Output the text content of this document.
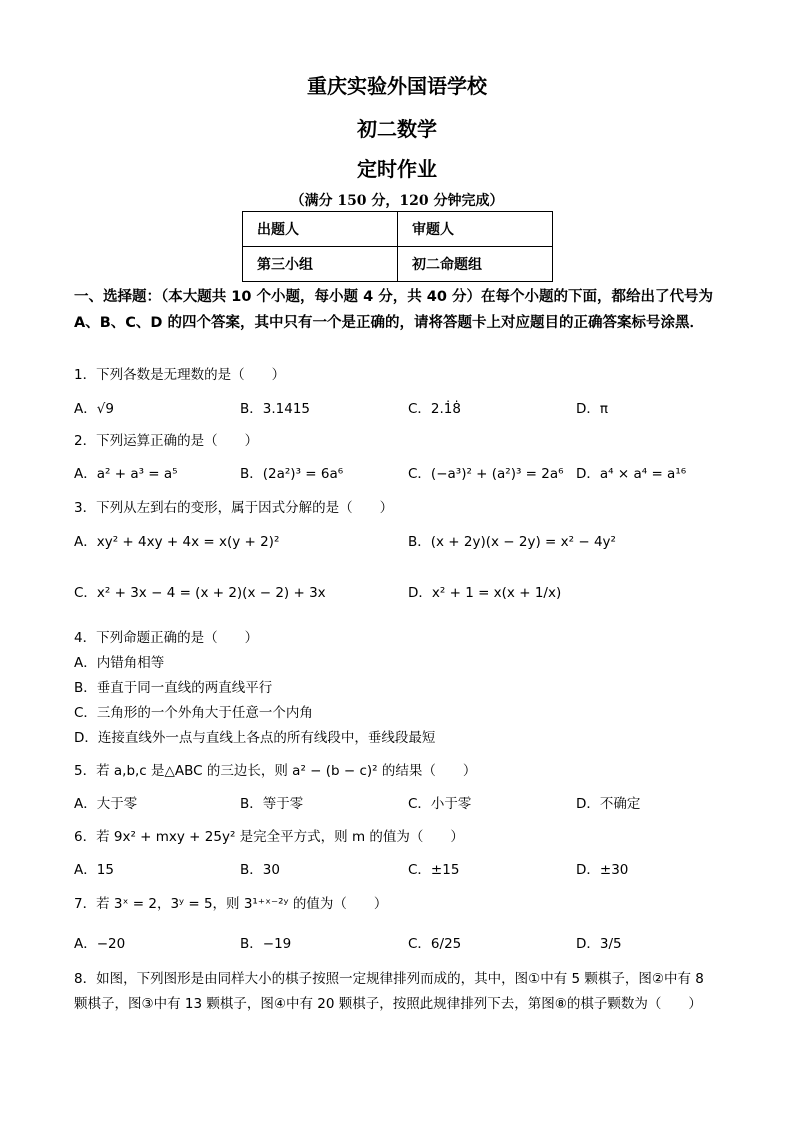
重庆实验外国语学校
初二数学
定时作业
（满分 150 分，120 分钟完成）
出题人	审题人
第三小组	初二命题组
一、选择题：（本大题共 10 个小题，每小题 4 分，共 40 分）在每个小题的下面，都给出了代号为 A、B、C、D 的四个答案，其中只有一个是正确的，请将答题卡上对应题目的正确答案标号涂黑．
1．下列各数是无理数的是（　　）
A．√9	B．3.1415	C．2.1̇8̇	D．π
2．下列运算正确的是（　　）
A．a² + a³ = a⁵	B．(2a²)³ = 6a⁶	C．(−a³)² + (a²)³ = 2a⁶ D．a⁴ × a⁴ = a¹⁶
3．下列从左到右的变形，属于因式分解的是（　　）
A．xy² + 4xy + 4x = x(y + 2)²	B．(x + 2y)(x − 2y) = x² − 4y²
C．x² + 3x − 4 = (x + 2)(x − 2) + 3x	D．x² + 1 = x(x + 1/x)
4．下列命题正确的是（　　）
A．内错角相等
B．垂直于同一直线的两直线平行
C．三角形的一个外角大于任意一个内角
D．连接直线外一点与直线上各点的所有线段中，垂线段最短
5．若 a,b,c 是△ABC 的三边长，则 a² − (b − c)² 的结果（　　）
A．大于零	B．等于零	C．小于零	D．不确定
6．若 9x² + mxy + 25y² 是完全平方式，则 m 的值为（　　）
A．15	B．30	C．±15	D．±30
7．若 3ˣ = 2，3ʸ = 5，则 3¹⁺ˣ⁻²ʸ 的值为（　　）
A．−20	B．−19	C．6/25	D．3/5
8．如图，下列图形是由同样大小的棋子按照一定规律排列而成的，其中，图①中有 5 颗棋子，图②中有 8
颗棋子，图③中有 13 颗棋子，图④中有 20 颗棋子，按照此规律排列下去，第图⑧的棋子颗数为（　　）
